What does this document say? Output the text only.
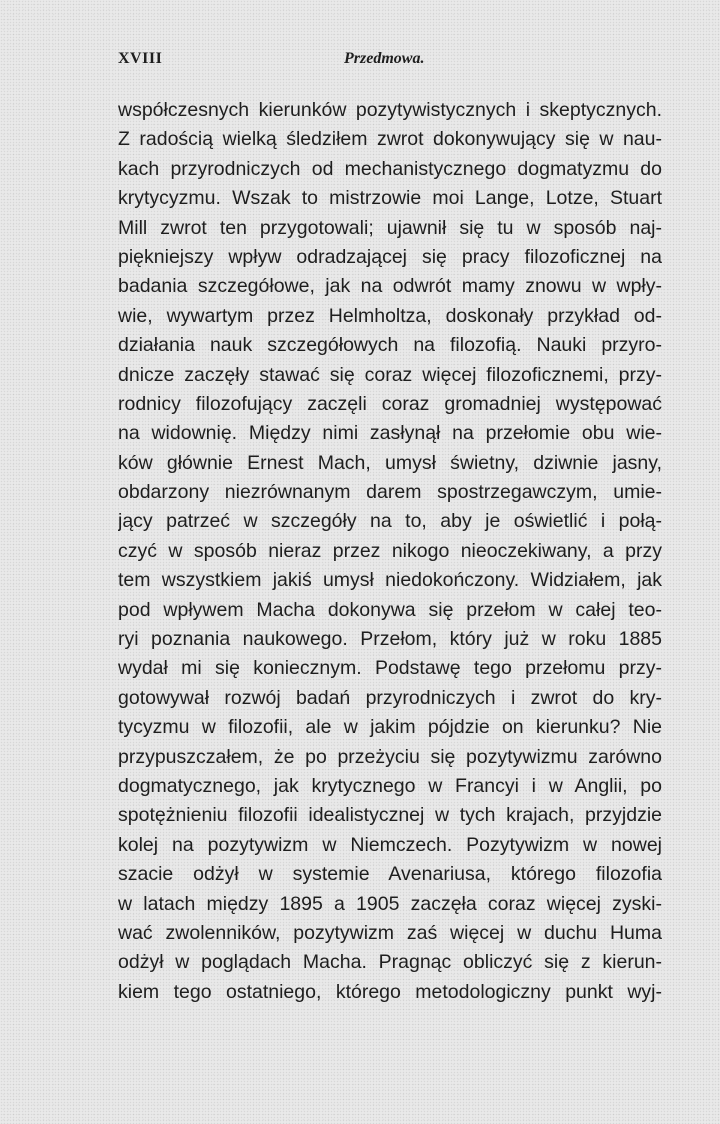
XVIII	Przedmowa.
współczesnych kierunków pozytywistycznych i skeptycznych.
Z radością wielką śledziłem zwrot dokonywujący się w nau-
kach przyrodniczych od mechanistycznego dogmatyzmu do
krytycyzmu. Wszak to mistrzowie moi Lange, Lotze, Stuart
Mill zwrot ten przygotowali; ujawnił się tu w sposób naj-
piękniejszy wpływ odradzającej się pracy filozoficznej na
badania szczegółowe, jak na odwrót mamy znowu w wpły-
wie, wywartym przez Helmholtza, doskonały przykład od-
działania nauk szczegółowych na filozofią. Nauki przyro-
dnicze zaczęły stawać się coraz więcej filozoficznemi, przy-
rodnicy filozofujący zaczęli coraz gromadniej występować
na widownię. Między nimi zasłynął na przełomie obu wie-
ków głównie Ernest Mach, umysł świetny, dziwnie jasny,
obdarzony niezrównanym darem spostrzegawczym, umie-
jący patrzeć w szczegóły na to, aby je oświetlić i połą-
czyć w sposób nieraz przez nikogo nieoczekiwany, a przy
tem wszystkiem jakiś umysł niedokończony. Widziałem, jak
pod wpływem Macha dokonywa się przełom w całej teo-
ryi poznania naukowego. Przełom, który już w roku 1885
wydał mi się koniecznym. Podstawę tego przełomu przy-
gotowywał rozwój badań przyrodniczych i zwrot do kry-
tycyzmu w filozofii, ale w jakim pójdzie on kierunku? Nie
przypuszczałem, że po przeżyciu się pozytywizmu zarówno
dogmatycznego, jak krytycznego w Francyi i w Anglii, po
spotężnieniu filozofii idealistycznej w tych krajach, przyjdzie
kolej na pozytywizm w Niemczech. Pozytywizm w nowej
szacie odżył w systemie Avenariusa, którego filozofia
w latach między 1895 a 1905 zaczęła coraz więcej zyski-
wać zwolenników, pozytywizm zaś więcej w duchu Huma
odżył w poglądach Macha. Pragnąc obliczyć się z kierun-
kiem tego ostatniego, którego metodologiczny punkt wyj-
